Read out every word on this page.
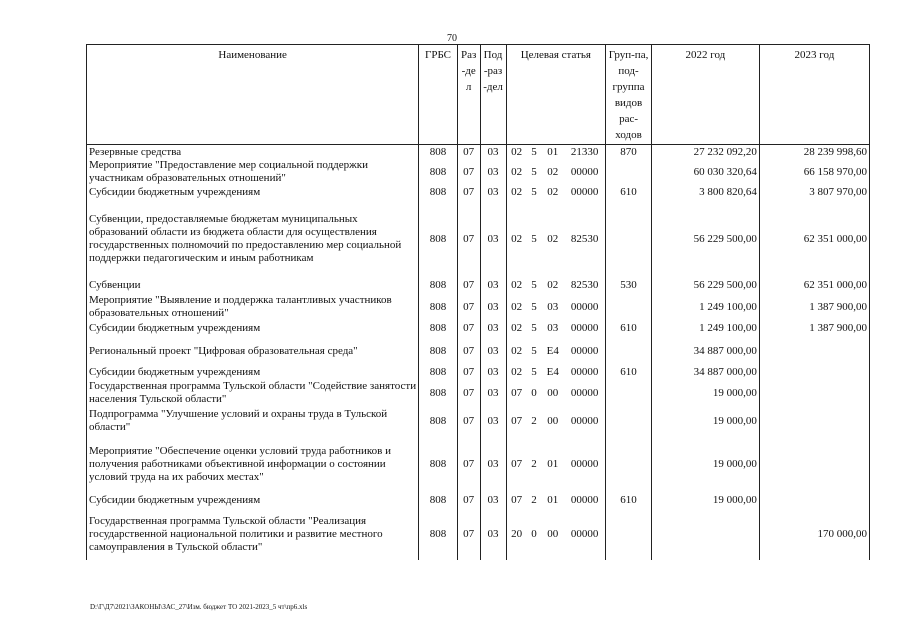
70
Наименование	ГРБС	Раз-дел	Под-раз-дел	Целевая статья				Груп-па, под-группа видов рас-ходов	2022 год	2023 год
Резервные средства	808	07	03	02	5	01	21330	870	27 232 092,20	28 239 998,60
Мероприятие "Предоставление мер социальной поддержки участникам образовательных отношений"	808	07	03	02	5	02	00000		60 030 320,64	66 158 970,00
Субсидии бюджетным учреждениям	808	07	03	02	5	02	00000	610	3 800 820,64	3 807 970,00
Субвенции, предоставляемые бюджетам муниципальных образований области из бюджета области для осуществления государственных полномочий по предоставлению мер социальной поддержки педагогическим и иным работникам	808	07	03	02	5	02	82530		56 229 500,00	62 351 000,00
Субвенции	808	07	03	02	5	02	82530	530	56 229 500,00	62 351 000,00
Мероприятие "Выявление и поддержка талантливых участников образовательных отношений"	808	07	03	02	5	03	00000		1 249 100,00	1 387 900,00
Субсидии бюджетным учреждениям	808	07	03	02	5	03	00000	610	1 249 100,00	1 387 900,00
Региональный проект "Цифровая образовательная среда"	808	07	03	02	5	E4	00000		34 887 000,00	
Субсидии бюджетным учреждениям	808	07	03	02	5	E4	00000	610	34 887 000,00	
Государственная программа Тульской области "Содействие занятости населения Тульской области"	808	07	03	07	0	00	00000		19 000,00	
Подпрограмма "Улучшение условий и охраны труда в Тульской области"	808	07	03	07	2	00	00000		19 000,00	
Мероприятие "Обеспечение оценки условий труда работников и получения работниками объективной информации о состоянии условий труда на их рабочих местах"	808	07	03	07	2	01	00000		19 000,00	
Субсидии бюджетным учреждениям	808	07	03	07	2	01	00000	610	19 000,00	
Государственная программа Тульской области "Реализация государственной национальной политики и развитие местного самоуправления в Тульской области"	808	07	03	20	0	00	00000			170 000,00
D:\Г\Д7\2021\ЗАКОНЫ\ЗАС_27\Изм. бюджет ТО 2021-2023_5 чт\пр6.xls
